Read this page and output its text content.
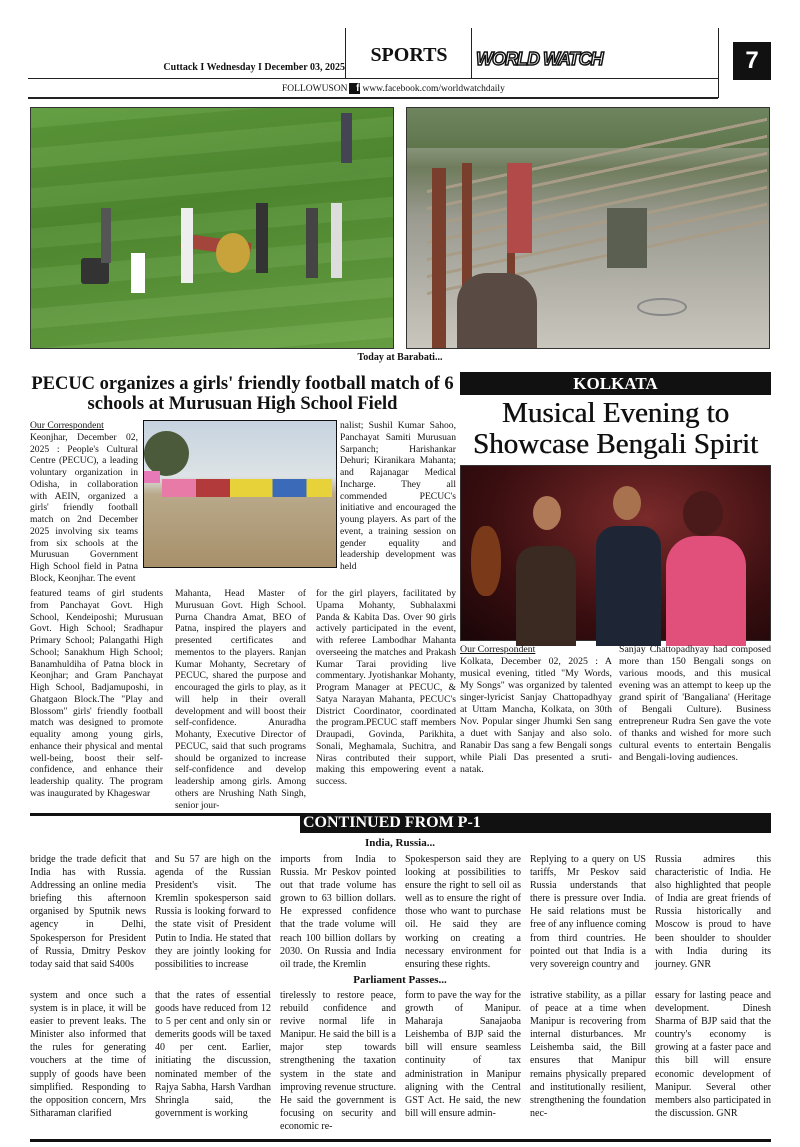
Cuttack I Wednesday I December 03, 2025
SPORTS	WORLD WATCH	7
FOLLOWUSON f www.facebook.com/worldwatchdaily
Today at Barabati...
PECUC organizes a girls' friendly football match of 6 schools at Murusuan High School Field
Our Correspondent
Keonjhar, December 02, 2025 : People's Cultural Centre (PECUC), a leading voluntary organization in Odisha, in collaboration with AEIN, organized a girls' friendly football match on 2nd December 2025 involving six teams from six schools at the Murusuan Government High School field in Patna Block, Keonjhar. The event
featured teams of girl students from Panchayat Govt. High School, Kendeiposhi; Murusuan Govt. High School; Sradhapur Primary School; Palangathi High School; Sanakhum High School; Banamhuldiha of Patna block in Keonjhar; and Gram Panchayat High School, Badjamuposhi, in Ghatgaon Block.The "Play and Blossom" girls' friendly football match was designed to promote equality among young girls, enhance their physical and mental well-being, boost their self-confidence, and enhance their leadership quality. The program was inaugurated by Khageswar
Mahanta, Head Master of Murusuan Govt. High School. Purna Chandra Amat, BEO of Patna, inspired the players and presented certificates and mementos to the players. Ranjan Kumar Mohanty, Secretary of PECUC, shared the purpose and encouraged the girls to play, as it will help in their overall development and will boost their self-confidence. Anuradha Mohanty, Executive Director of PECUC, said that such programs should be organized to increase self-confidence and develop leadership among girls. Among others are Nrushing Nath Singh, senior jour-
nalist; Sushil Kumar Sahoo, Panchayat Samiti Murusuan Sarpanch; Harishankar Dehuri; Kiranikara Mahanta; and Rajanagar Medical Incharge. They all commended PECUC's initiative and encouraged the young players. As part of the event, a training session on gender equality and leadership development was held
for the girl players, facilitated by Upama Mohanty, Subhalaxmi Panda & Kabita Das. Over 90 girls actively participated in the event, with referee Lambodhar Mahanta overseeing the matches and Prakash Kumar Tarai providing live commentary. Jyotishankar Mohanty, Program Manager at PECUC, & Satya Narayan Mahanta, PECUC's District Coordinator, coordinated the program.PECUC staff members Draupadi, Govinda, Parikhita, Sonali, Meghamala, Suchitra, and Niras contributed their support, making this empowering event a success.
KOLKATA
Musical Evening to Showcase Bengali Spirit
Our Correspondent
Kolkata, December 02, 2025 : A musical evening, titled "My Words, My Songs" was organized by talented singer-lyricist Sanjay Chattopadhyay at Uttam Mancha, Kolkata, on 30th Nov. Popular singer Jhumki Sen sang a duet with Sanjay and also solo. Ranabir Das sang a few Bengali songs while Piali Das presented a sruti-natak.
Sanjay Chattopadhyay had composed more than 150 Bengali songs on various moods, and this musical evening was an attempt to keep up the grand spirit of 'Bangaliana' (Heritage of Bengali Culture). Business entrepreneur Rudra Sen gave the vote of thanks and wished for more such cultural events to entertain Bengalis and Bengali-loving audiences.
CONTINUED FROM P-1
India, Russia...
bridge the trade deficit that India has with Russia. Addressing an online media briefing this afternoon organised by Sputnik news agency in Delhi, Spokesperson for President of Russia, Dmitry Peskov today said that said S400s
and Su 57 are high on the agenda of the Russian President's visit. The Kremlin spokesperson said Russia is looking forward to the state visit of President Putin to India. He stated that they are jointly looking for possibilities to increase
imports from India to Russia. Mr Peskov pointed out that trade volume has grown to 63 billion dollars. He expressed confidence that the trade volume will reach 100 billion dollars by 2030. On Russia and India oil trade, the Kremlin
Spokesperson said they are looking at possibilities to ensure the right to sell oil as well as to ensure the right of those who want to purchase oil. He said they are working on creating a necessary environment for ensuring these rights.
Replying to a query on US tariffs, Mr Peskov said Russia understands that there is pressure over India. He said relations must be free of any influence coming from third countries. He pointed out that India is a very sovereign country and
Russia admires this characteristic of India. He also highlighted that people of India are great friends of Russia historically and Moscow is proud to have been shoulder to shoulder with India during its journey. GNR
Parliament Passes...
system and once such a system is in place, it will be easier to prevent leaks. The Minister also informed that the rules for generating vouchers at the time of supply of goods have been simplified. Responding to the opposition concern, Mrs Sitharaman clarified
that the rates of essential goods have reduced from 12 to 5 per cent and only sin or demerits goods will be taxed 40 per cent. Earlier, initiating the discussion, nominated member of the Rajya Sabha, Harsh Vardhan Shringla said, the government is working
tirelessly to restore peace, rebuild confidence and revive normal life in Manipur. He said the bill is a major step towards strengthening the taxation system in the state and improving revenue structure. He said the government is focusing on security and economic re-
form to pave the way for the growth of Manipur. Maharaja Sanajaoba Leishemba of BJP said the bill will ensure seamless continuity of tax administration in Manipur aligning with the Central GST Act. He said, the new bill will ensure admin-
istrative stability, as a pillar of peace at a time when Manipur is recovering from internal disturbances. Mr Leishemba said, the Bill ensures that Manipur remains physically prepared and institutionally resilient, strengthening the foundation nec-
essary for lasting peace and development. Dinesh Sharma of BJP said that the country's economy is growing at a faster pace and this bill will ensure economic development of Manipur. Several other members also participated in the discussion. GNR
